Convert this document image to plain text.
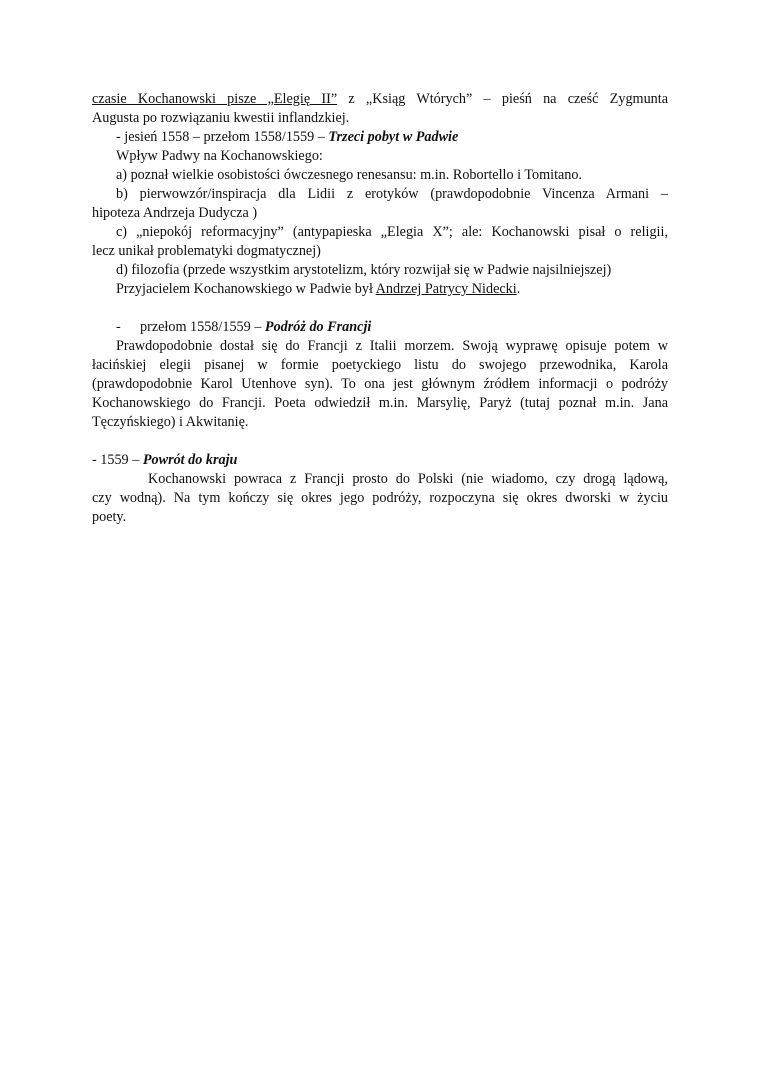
czasie Kochanowski pisze „Elegię II” z „Ksiąg Wtórych” – pieśń na cześć Zygmunta
Augusta po rozwiązaniu kwestii inflandzkiej.
- jesień 1558 – przełom 1558/1559 – Trzeci pobyt w Padwie
Wpływ Padwy na Kochanowskiego:
a) poznał wielkie osobistości ówczesnego renesansu: m.in. Robortello i Tomitano.
b) pierwowzór/inspiracja dla Lidii z erotyków (prawdopodobnie Vincenza Armani –
hipoteza Andrzeja Dudycza )
c) „niepokój reformacyjny” (antypapieska „Elegia X”; ale: Kochanowski pisał o religii,
lecz unikał problematyki dogmatycznej)
d) filozofia (przede wszystkim arystotelizm, który rozwijał się w Padwie najsilniejszej)
Przyjacielem Kochanowskiego w Padwie był Andrzej Patrycy Nidecki.
- przełom 1558/1559 – Podróż do Francji
Prawdopodobnie dostał się do Francji z Italii morzem. Swoją wyprawę opisuje potem w
łacińskiej elegii pisanej w formie poetyckiego listu do swojego przewodnika, Karola
(prawdopodobnie Karol Utenhove syn). To ona jest głównym źródłem informacji o podróży
Kochanowskiego do Francji. Poeta odwiedził m.in. Marsylię, Paryż (tutaj poznał m.in. Jana
Tęczyńskiego) i Akwitanię.
- 1559 – Powrót do kraju
Kochanowski powraca z Francji prosto do Polski (nie wiadomo, czy drogą lądową,
czy wodną). Na tym kończy się okres jego podróży, rozpoczyna się okres dworski w życiu
poety.
